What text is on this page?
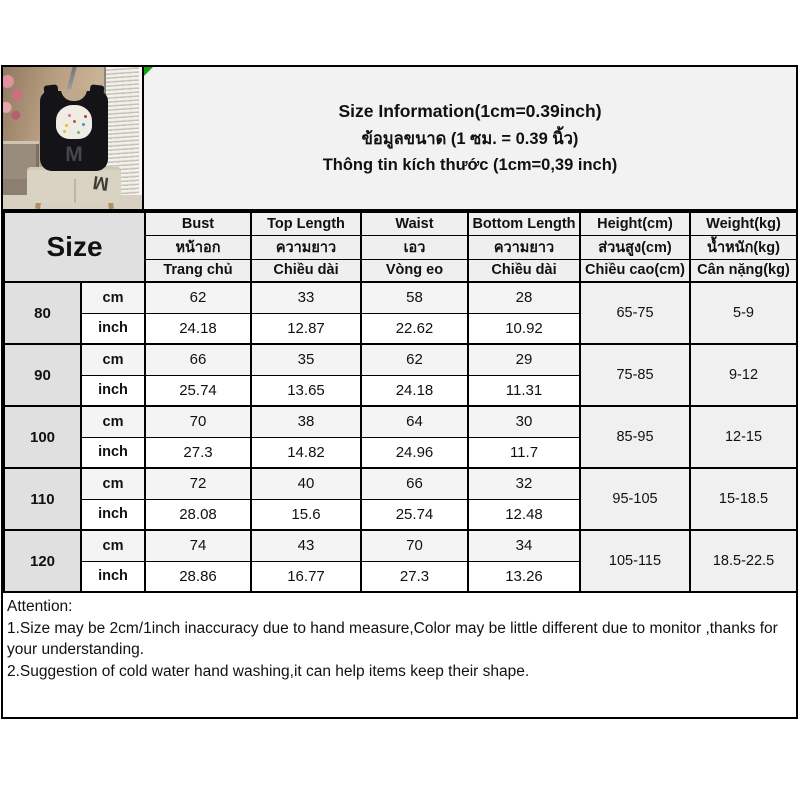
M
M
Size Information(1cm=0.39inch)
ข้อมูลขนาด (1 ซม. = 0.39 นิ้ว)
Thông tin kích thước (1cm=0,39 inch)
Size		Bust	Top Length	Waist	Bottom Length	Height(cm)	Weight(kg)
		หน้าอก	ความยาว	เอว	ความยาว	ส่วนสูง(cm)	น้ำหนัก(kg)
		Trang chủ	Chiều dài	Vòng eo	Chiều dài	Chiều cao(cm)	Cân nặng(kg)
80	cm	62	33	58	28	65-75	5-9
	inch	24.18	12.87	22.62	10.92		
90	cm	66	35	62	29	75-85	9-12
	inch	25.74	13.65	24.18	11.31		
100	cm	70	38	64	30	85-95	12-15
	inch	27.3	14.82	24.96	11.7		
110	cm	72	40	66	32	95-105	15-18.5
	inch	28.08	15.6	25.74	12.48		
120	cm	74	43	70	34	105-115	18.5-22.5
	inch	28.86	16.77	27.3	13.26		
Attention:
1.Size may be 2cm/1inch inaccuracy due to hand measure,Color may be little different due to monitor ,thanks for your understanding.
2.Suggestion of cold water hand washing,it can help items keep their shape.
